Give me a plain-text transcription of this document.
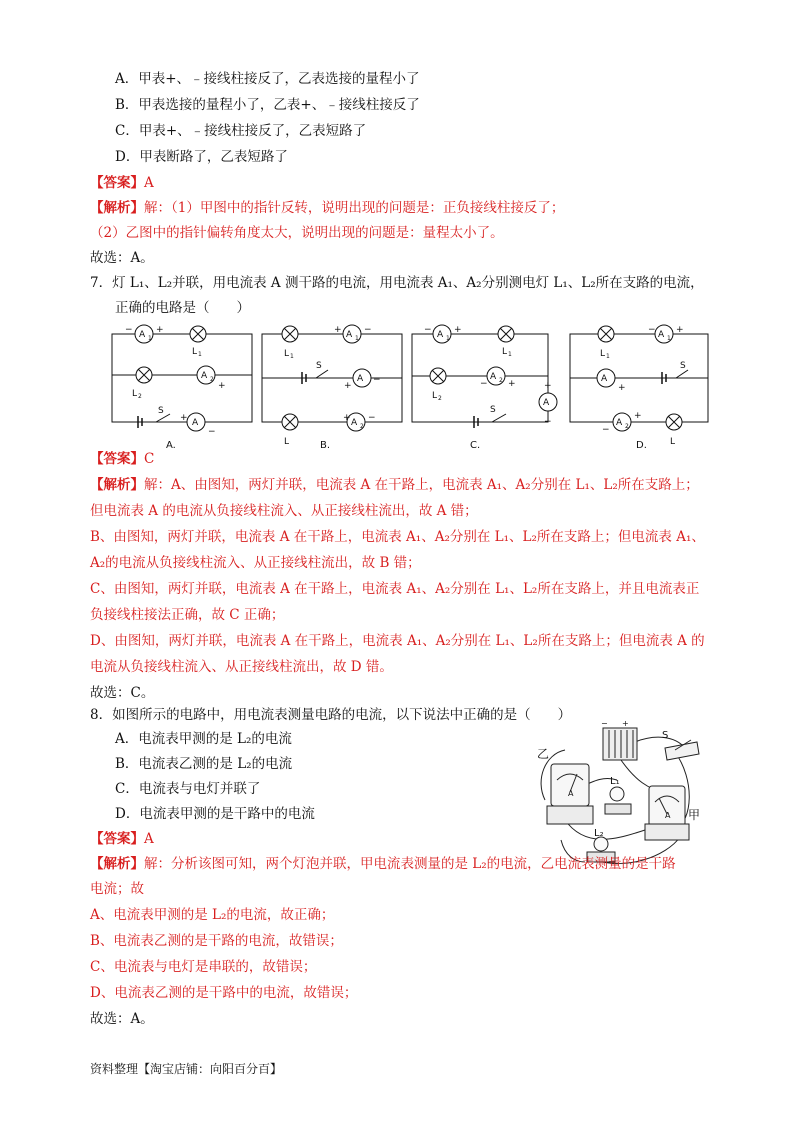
A．甲表+、﹣接线柱接反了，乙表选接的量程小了
B．甲表选接的量程小了，乙表+、﹣接线柱接反了
C．甲表+、﹣接线柱接反了，乙表短路了
D．甲表断路了，乙表短路了
【答案】A
【解析】解：（1）甲图中的指针反转，说明出现的问题是：正负接线柱接反了；
（2）乙图中的指针偏转角度太大，说明出现的问题是：量程太小了。
故选：A。
7．灯 L₁、L₂并联，用电流表 A 测干路的电流，用电流表 A₁、A₂分别测电灯 L₁、L₂所在支路的电流，
正确的电路是（　　）
A 1
−	+
L 1
A 2
−
+
L 2
S
A
+
−
A.
L 1
A 1
+ −
S
A
+
−
L
A 2
+ −
B.
A 1
− +
L 1
A 2
− +
L 2
S
A
+
−
C.
L 1
A 1
− +
A
+
S
A 2
−
+
L
D.
【答案】C
【解析】解：A、由图知，两灯并联，电流表 A 在干路上，电流表 A₁、A₂分别在 L₁、L₂所在支路上；
但电流表 A 的电流从负接线柱流入、从正接线柱流出，故 A 错；
B、由图知，两灯并联，电流表 A 在干路上，电流表 A₁、A₂分别在 L₁、L₂所在支路上；但电流表 A₁、
A₂的电流从负接线柱流入、从正接线柱流出，故 B 错；
C、由图知，两灯并联，电流表 A 在干路上，电流表 A₁、A₂分别在 L₁、L₂所在支路上，并且电流表正
负接线柱接法正确，故 C 正确；
D、由图知，两灯并联，电流表 A 在干路上，电流表 A₁、A₂分别在 L₁、L₂所在支路上；但电流表 A 的
电流从负接线柱流入、从正接线柱流出，故 D 错。
故选：C。
8．如图所示的电路中，用电流表测量电路的电流，以下说法中正确的是（　　）
A．电流表甲测的是 L₂的电流
B．电流表乙测的是 L₂的电流
C．电流表与电灯并联了
D．电流表甲测的是干路中的电流
A
A
+
−
乙
甲
L₁
L₂
S
【答案】A
【解析】解：分析该图可知，两个灯泡并联，甲电流表测量的是 L₂的电流，乙电流表测量的是干路
电流；故
A、电流表甲测的是 L₂的电流，故正确；
B、电流表乙测的是干路的电流，故错误；
C、电流表与电灯是串联的，故错误；
D、电流表乙测的是干路中的电流，故错误；
故选：A。
资料整理【淘宝店铺：向阳百分百】
